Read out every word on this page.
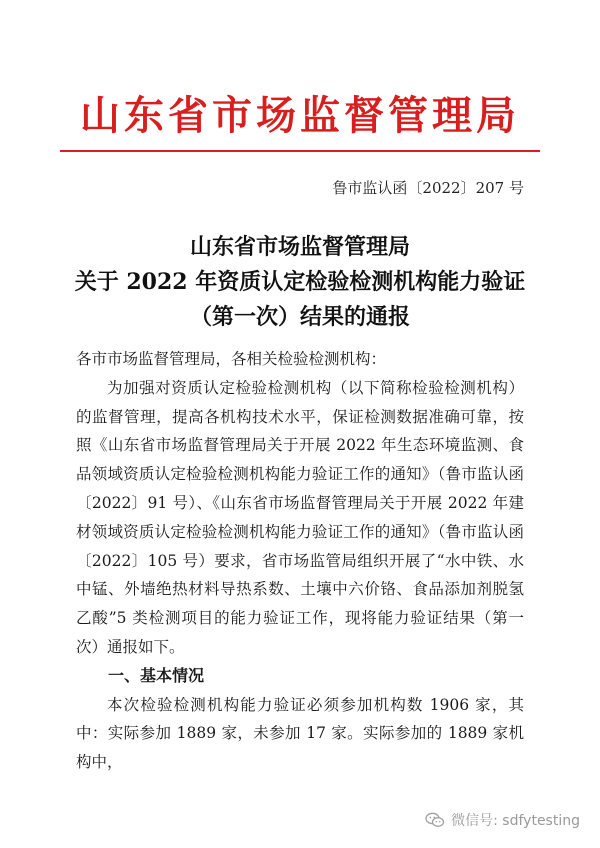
山东省市场监督管理局
鲁市监认函〔2022〕207 号
山东省市场监督管理局
关于 2022 年资质认定检验检测机构能力验证
（第一次）结果的通报

各市市场监督管理局，各相关检验检测机构：

为加强对资质认定检验检测机构（以下简称检验检测机构）的监督管理，提高各机构技术水平，保证检测数据准确可靠，按照《山东省市场监督管理局关于开展 2022 年生态环境监测、食品领域资质认定检验检测机构能力验证工作的通知》（鲁市监认函〔2022〕91 号）、《山东省市场监督管理局关于开展 2022 年建材领域资质认定检验检测机构能力验证工作的通知》（鲁市监认函〔2022〕105 号）要求，省市场监管局组织开展了“水中铁、水中锰、外墙绝热材料导热系数、土壤中六价铬、食品添加剂脱氢乙酸”5 类检测项目的能力验证工作，现将能力验证结果（第一次）通报如下。

一、基本情况

本次检验检测机构能力验证必须参加机构数 1906 家，其中：实际参加 1889 家，未参加 17 家。实际参加的 1889 家机构中，

微信号: sdfytesting
